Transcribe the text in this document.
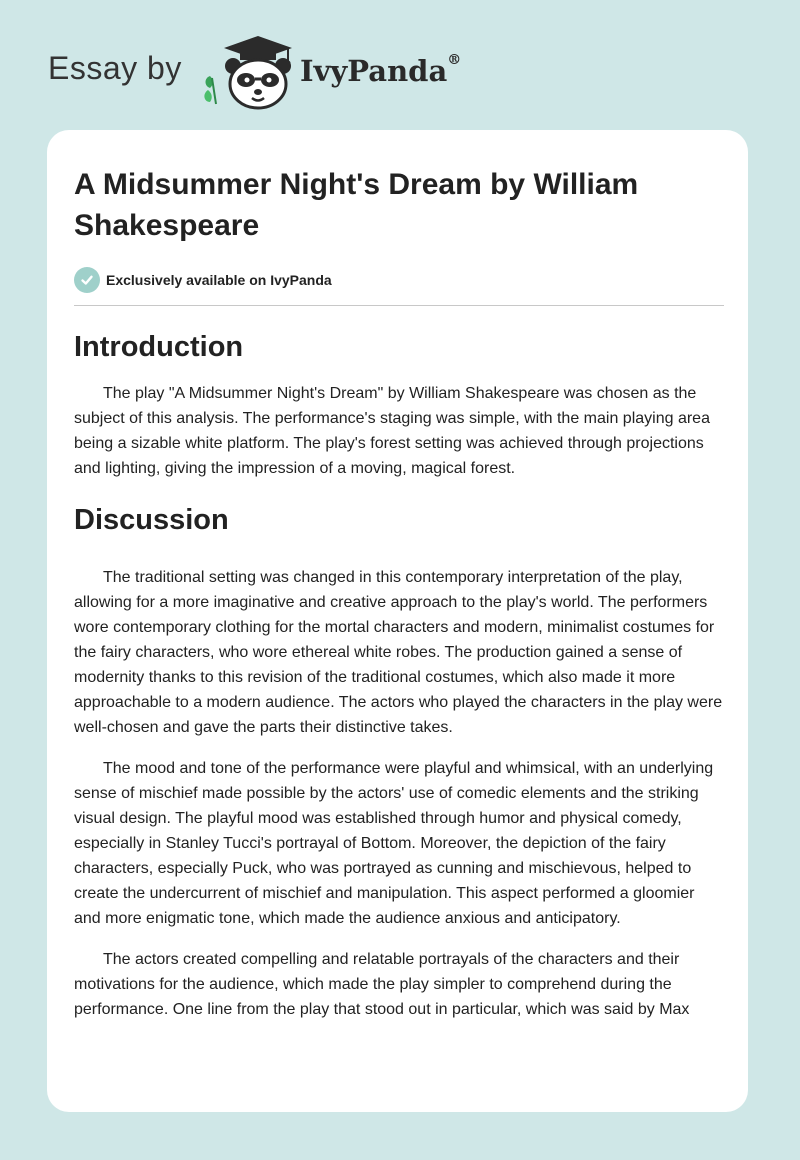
Essay by	IvyPanda®
A Midsummer Night's Dream by William Shakespeare
Exclusively available on IvyPanda
Introduction

The play "A Midsummer Night's Dream" by William Shakespeare was chosen as the subject of this analysis. The performance's staging was simple, with the main playing area being a sizable white platform. The play's forest setting was achieved through projections and lighting, giving the impression of a moving, magical forest.

Discussion

The traditional setting was changed in this contemporary interpretation of the play, allowing for a more imaginative and creative approach to the play's world. The performers wore contemporary clothing for the mortal characters and modern, minimalist costumes for the fairy characters, who wore ethereal white robes. The production gained a sense of modernity thanks to this revision of the traditional costumes, which also made it more approachable to a modern audience. The actors who played the characters in the play were well-chosen and gave the parts their distinctive takes.

The mood and tone of the performance were playful and whimsical, with an underlying sense of mischief made possible by the actors' use of comedic elements and the striking visual design. The playful mood was established through humor and physical comedy, especially in Stanley Tucci's portrayal of Bottom. Moreover, the depiction of the fairy characters, especially Puck, who was portrayed as cunning and mischievous, helped to create the undercurrent of mischief and manipulation. This aspect performed a gloomier and more enigmatic tone, which made the audience anxious and anticipatory.

The actors created compelling and relatable portrayals of the characters and their motivations for the audience, which made the play simpler to comprehend during the performance. One line from the play that stood out in particular, which was said by Max
